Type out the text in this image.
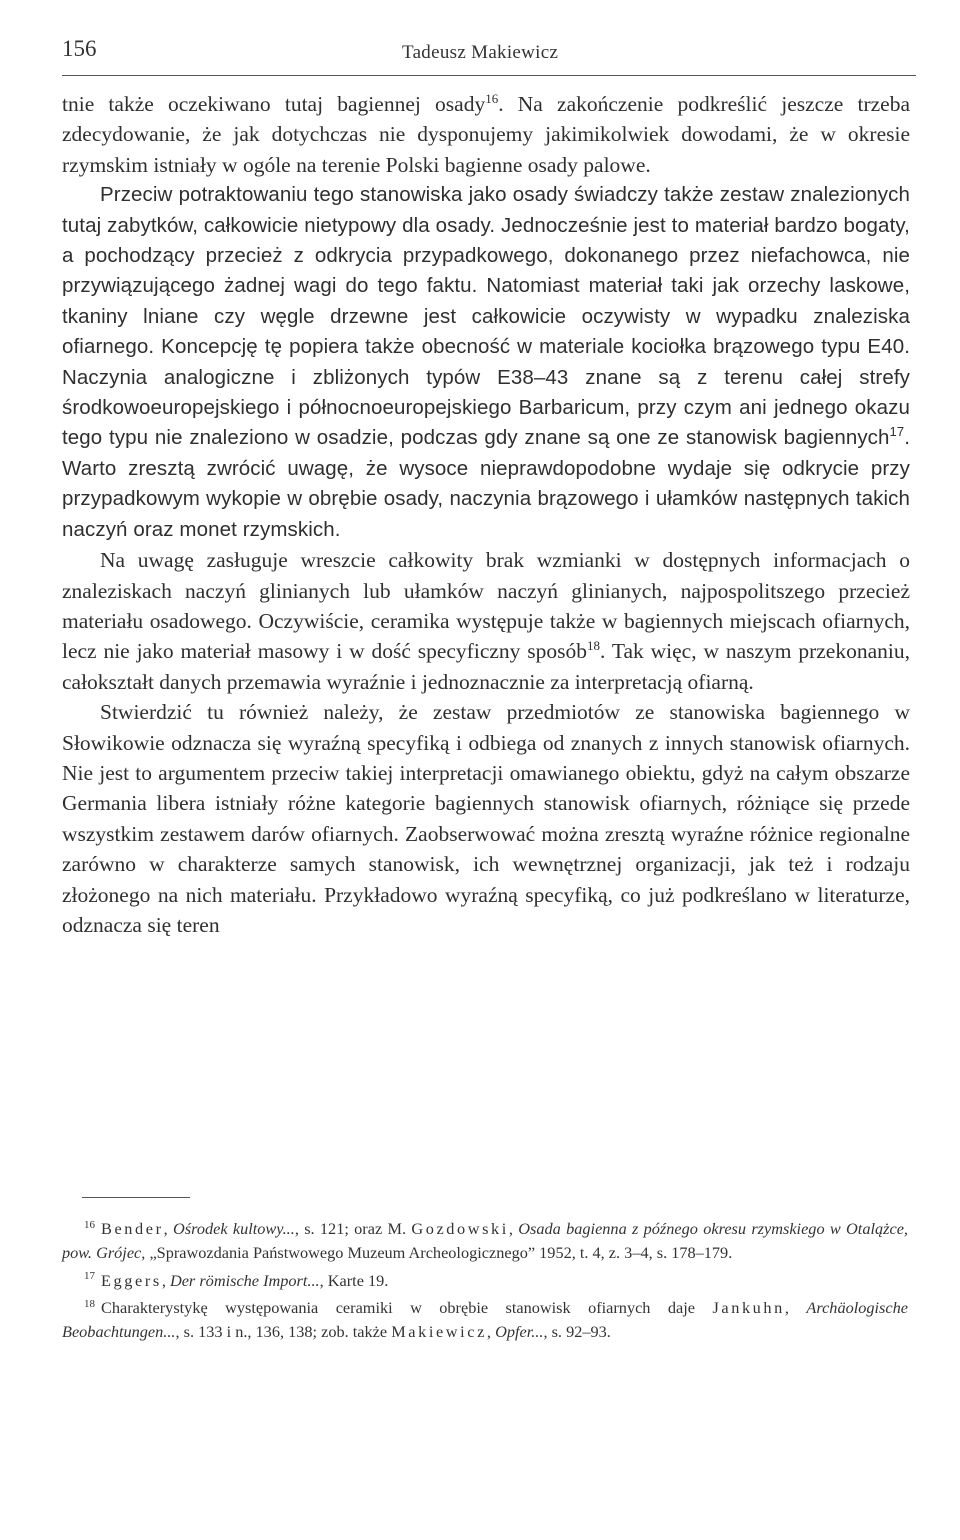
156	Tadeusz Makiewicz

tnie także oczekiwano tutaj bagiennej osady$^{16}$. Na zakończenie podkreślić jeszcze trzeba zdecydowanie, że jak dotychczas nie dysponujemy jakimikolwiek dowodami, że w okresie rzymskim istniały w ogóle na terenie Polski bagienne osady palowe.

Przeciw potraktowaniu tego stanowiska jako osady świadczy także zestaw znalezionych tutaj zabytków, całkowicie nietypowy dla osady. Jednocześnie jest to materiał bardzo bogaty, a pochodzący przecież z odkrycia przypadkowego, dokonanego przez niefachowca, nie przywiązującego żadnej wagi do tego faktu. Natomiast materiał taki jak orzechy laskowe, tkaniny lniane czy węgle drzewne jest całkowicie oczywisty w wypadku znaleziska ofiarnego. Koncepcję tę popiera także obecność w materiale kociołka brązowego typu E40. Naczynia analogiczne i zbliżonych typów E38–43 znane są z terenu całej strefy środkowoeuropejskiego i północnoeuropejskiego Barbaricum, przy czym ani jednego okazu tego typu nie znaleziono w osadzie, podczas gdy znane są one ze stanowisk bagiennych$^{17}$. Warto zresztą zwrócić uwagę, że wysoce nieprawdopodobne wydaje się odkrycie przy przypadkowym wykopie w obrębie osady, naczynia brązowego i ułamków następnych takich naczyń oraz monet rzymskich.

Na uwagę zasługuje wreszcie całkowity brak wzmianki w dostępnych informacjach o znaleziskach naczyń glinianych lub ułamków naczyń glinianych, najpospolitszego przecież materiału osadowego. Oczywiście, ceramika występuje także w bagiennych miejscach ofiarnych, lecz nie jako materiał masowy i w dość specyficzny sposób$^{18}$. Tak więc, w naszym przekonaniu, całokształt danych przemawia wyraźnie i jednoznacznie za interpretacją ofiarną.

Stwierdzić tu również należy, że zestaw przedmiotów ze stanowiska bagiennego w Słowikowie odznacza się wyraźną specyfiką i odbiega od znanych z innych stanowisk ofiarnych. Nie jest to argumentem przeciw takiej interpretacji omawianego obiektu, gdyż na całym obszarze Germania libera istniały różne kategorie bagiennych stanowisk ofiarnych, różniące się przede wszystkim zestawem darów ofiarnych. Zaobserwować można zresztą wyraźne różnice regionalne zarówno w charakterze samych stanowisk, ich wewnętrznej organizacji, jak też i rodzaju złożonego na nich materiału. Przykładowo wyraźną specyfiką, co już podkreślano w literaturze, odznacza się teren

$^{16}$ Bender, Ośrodek kultowy..., s. 121; oraz M. Gozdowski, Osada bagienna z późnego okresu rzymskiego w Otalążce, pow. Grójec, „Sprawozdania Państwowego Muzeum Archeologicznego” 1952, t. 4, z. 3–4, s. 178–179.

$^{17}$ Eggers, Der römische Import..., Karte 19.

$^{18}$ Charakterystykę występowania ceramiki w obrębie stanowisk ofiarnych daje Jankuhn, Archäologische Beobachtungen..., s. 133 i n., 136, 138; zob. także Makiewicz, Opfer..., s. 92–93.
